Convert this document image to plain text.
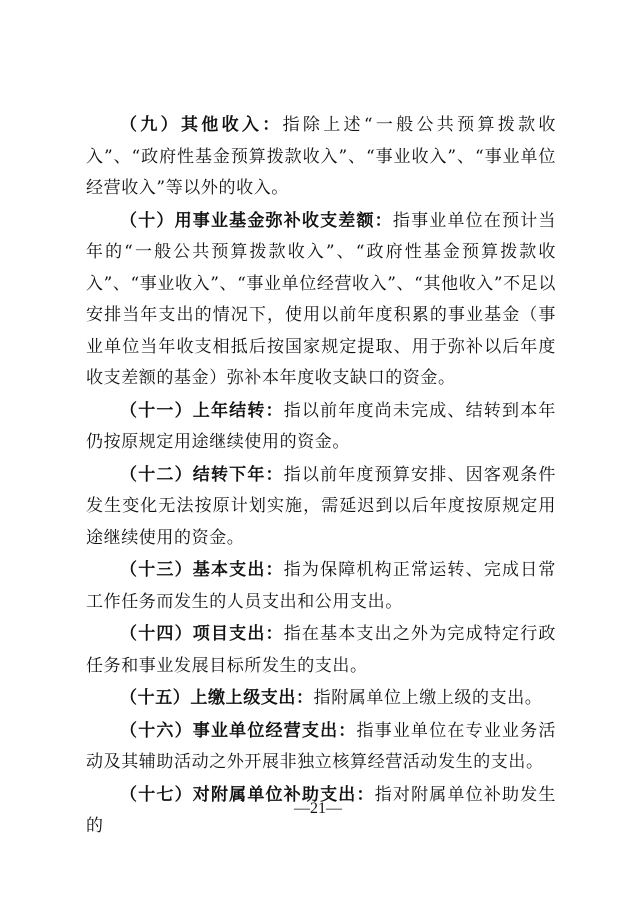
（九）其他收入：指除上述“一般公共预算拨款收入”、“政府性基金预算拨款收入”、“事业收入”、“事业单位经营收入”等以外的收入。

（十）用事业基金弥补收支差额：指事业单位在预计当年的“一般公共预算拨款收入”、“政府性基金预算拨款收入”、“事业收入”、“事业单位经营收入”、“其他收入”不足以安排当年支出的情况下，使用以前年度积累的事业基金（事业单位当年收支相抵后按国家规定提取、用于弥补以后年度收支差额的基金）弥补本年度收支缺口的资金。

（十一）上年结转：指以前年度尚未完成、结转到本年仍按原规定用途继续使用的资金。

（十二）结转下年：指以前年度预算安排、因客观条件发生变化无法按原计划实施，需延迟到以后年度按原规定用途继续使用的资金。

（十三）基本支出：指为保障机构正常运转、完成日常工作任务而发生的人员支出和公用支出。

（十四）项目支出：指在基本支出之外为完成特定行政任务和事业发展目标所发生的支出。

（十五）上缴上级支出：指附属单位上缴上级的支出。

（十六）事业单位经营支出：指事业单位在专业业务活动及其辅助活动之外开展非独立核算经营活动发生的支出。

（十七）对附属单位补助支出：指对附属单位补助发生的

—21—
